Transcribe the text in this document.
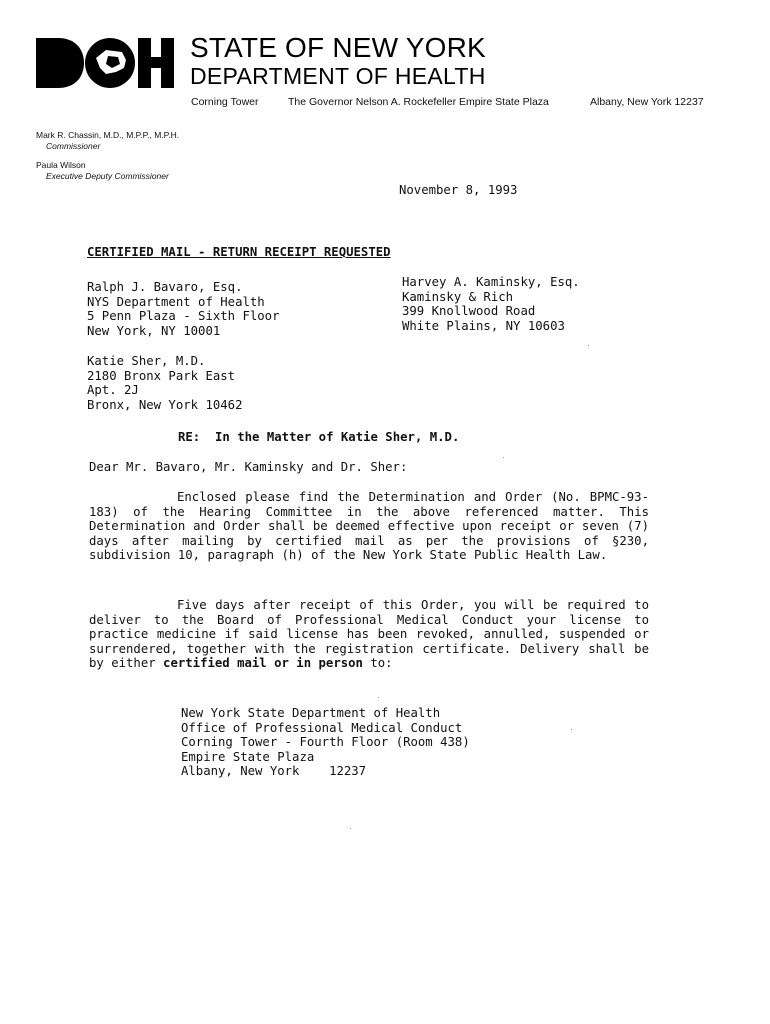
STATE OF NEW YORK
DEPARTMENT OF HEALTH
Corning Tower	The Governor Nelson A. Rockefeller Empire State Plaza	Albany, New York 12237
Mark R. Chassin, M.D., M.P.P., M.P.H.
Commissioner
Paula Wilson
Executive Deputy Commissioner
November 8, 1993
CERTIFIED MAIL - RETURN RECEIPT REQUESTED
Ralph J. Bavaro, Esq.
NYS Department of Health
5 Penn Plaza - Sixth Floor
New York, NY 10001
Harvey A. Kaminsky, Esq.
Kaminsky & Rich
399 Knollwood Road
White Plains, NY 10603
Katie Sher, M.D.
2180 Bronx Park East
Apt. 2J
Bronx, New York 10462
RE: In the Matter of Katie Sher, M.D.
Dear Mr. Bavaro, Mr. Kaminsky and Dr. Sher:
Enclosed please find the Determination and Order (No. BPMC-93-183) of the Hearing Committee in the above referenced matter. This Determination and Order shall be deemed effective upon receipt or seven (7) days after mailing by certified mail as per the provisions of §230, subdivision 10, paragraph (h) of the New York State Public Health Law.
Five days after receipt of this Order, you will be required to deliver to the Board of Professional Medical Conduct your license to practice medicine if said license has been revoked, annulled, suspended or surrendered, together with the registration certificate. Delivery shall be by either certified mail or in person to:
New York State Department of Health
Office of Professional Medical Conduct
Corning Tower - Fourth Floor (Room 438)
Empire State Plaza
Albany, New York    12237
